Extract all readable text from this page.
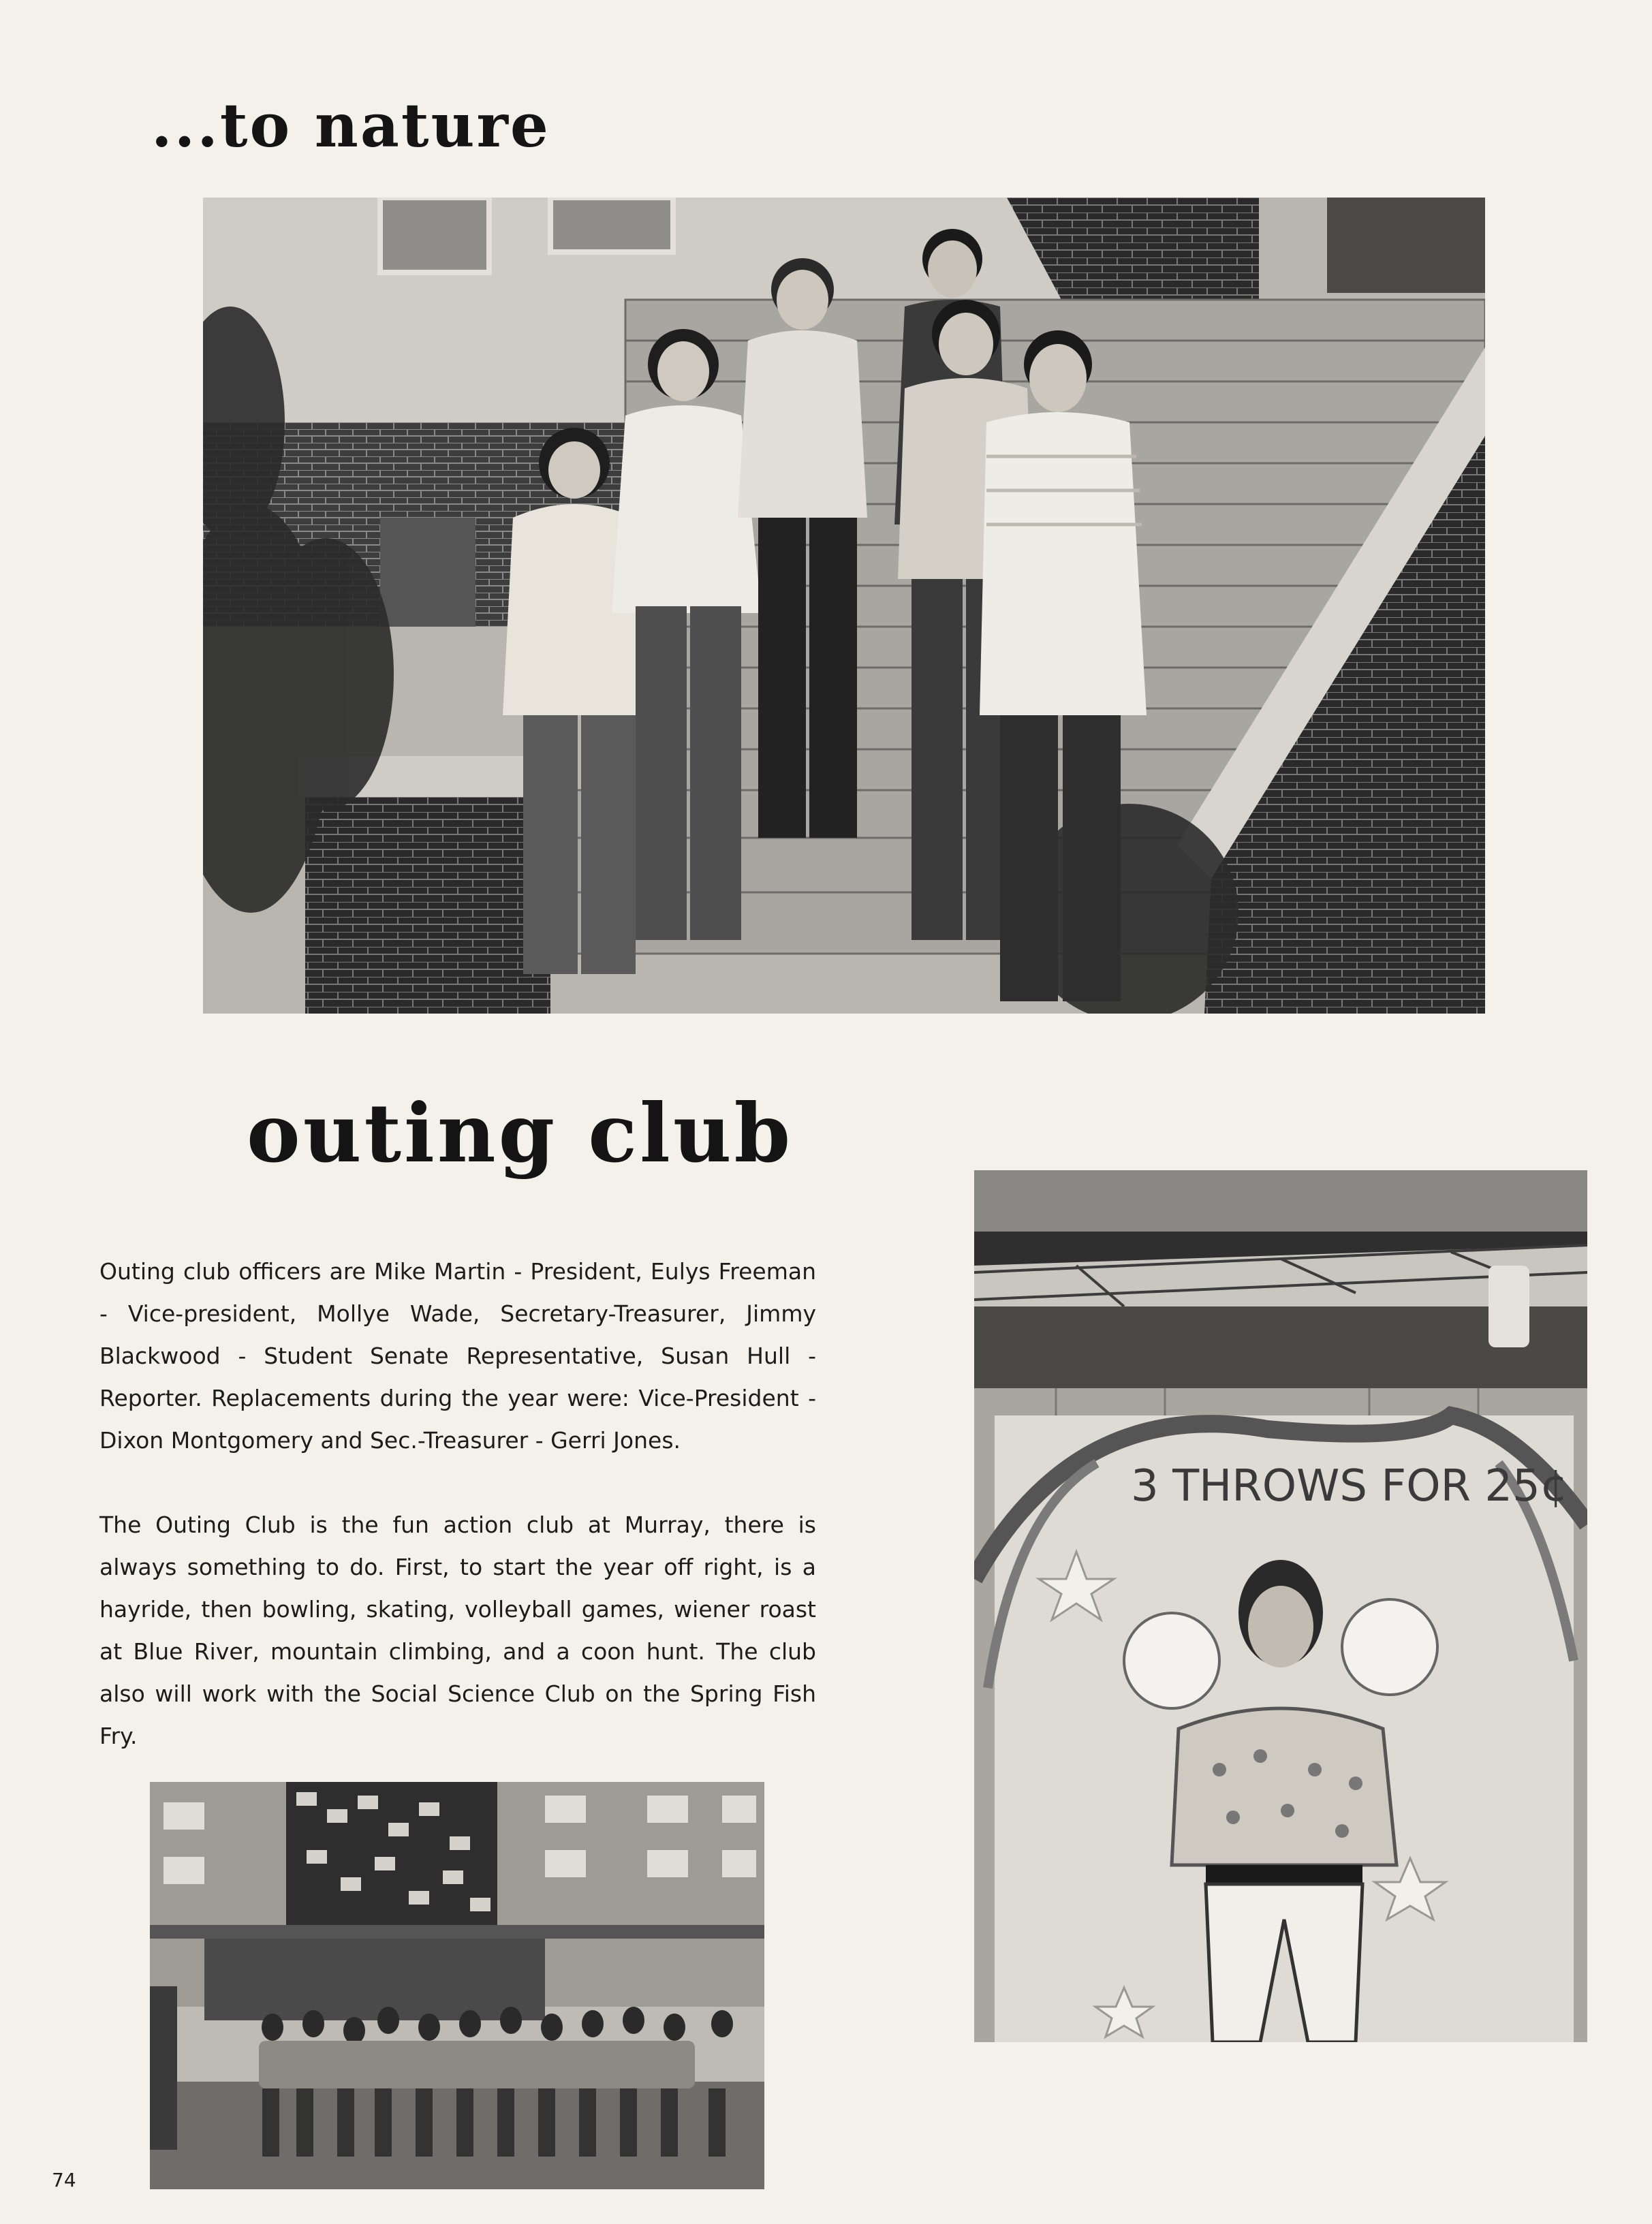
...to nature
outing club

Outing club officers are Mike Martin - President, Eulys Freeman - Vice-president, Mollye Wade, Secretary-Treasurer, Jimmy Blackwood - Student Senate Representative, Susan Hull - Reporter. Replacements during the year were: Vice-President - Dixon Montgomery and Sec.-Treasurer - Gerri Jones.

The Outing Club is the fun action club at Murray, there is always something to do. First, to start the year off right, is a hayride, then bowling, skating, volleyball games, wiener roast at Blue River, mountain climbing, and a coon hunt. The club also will work with the Social Science Club on the Spring Fish Fry.

3 THROWS FOR 25¢
74
